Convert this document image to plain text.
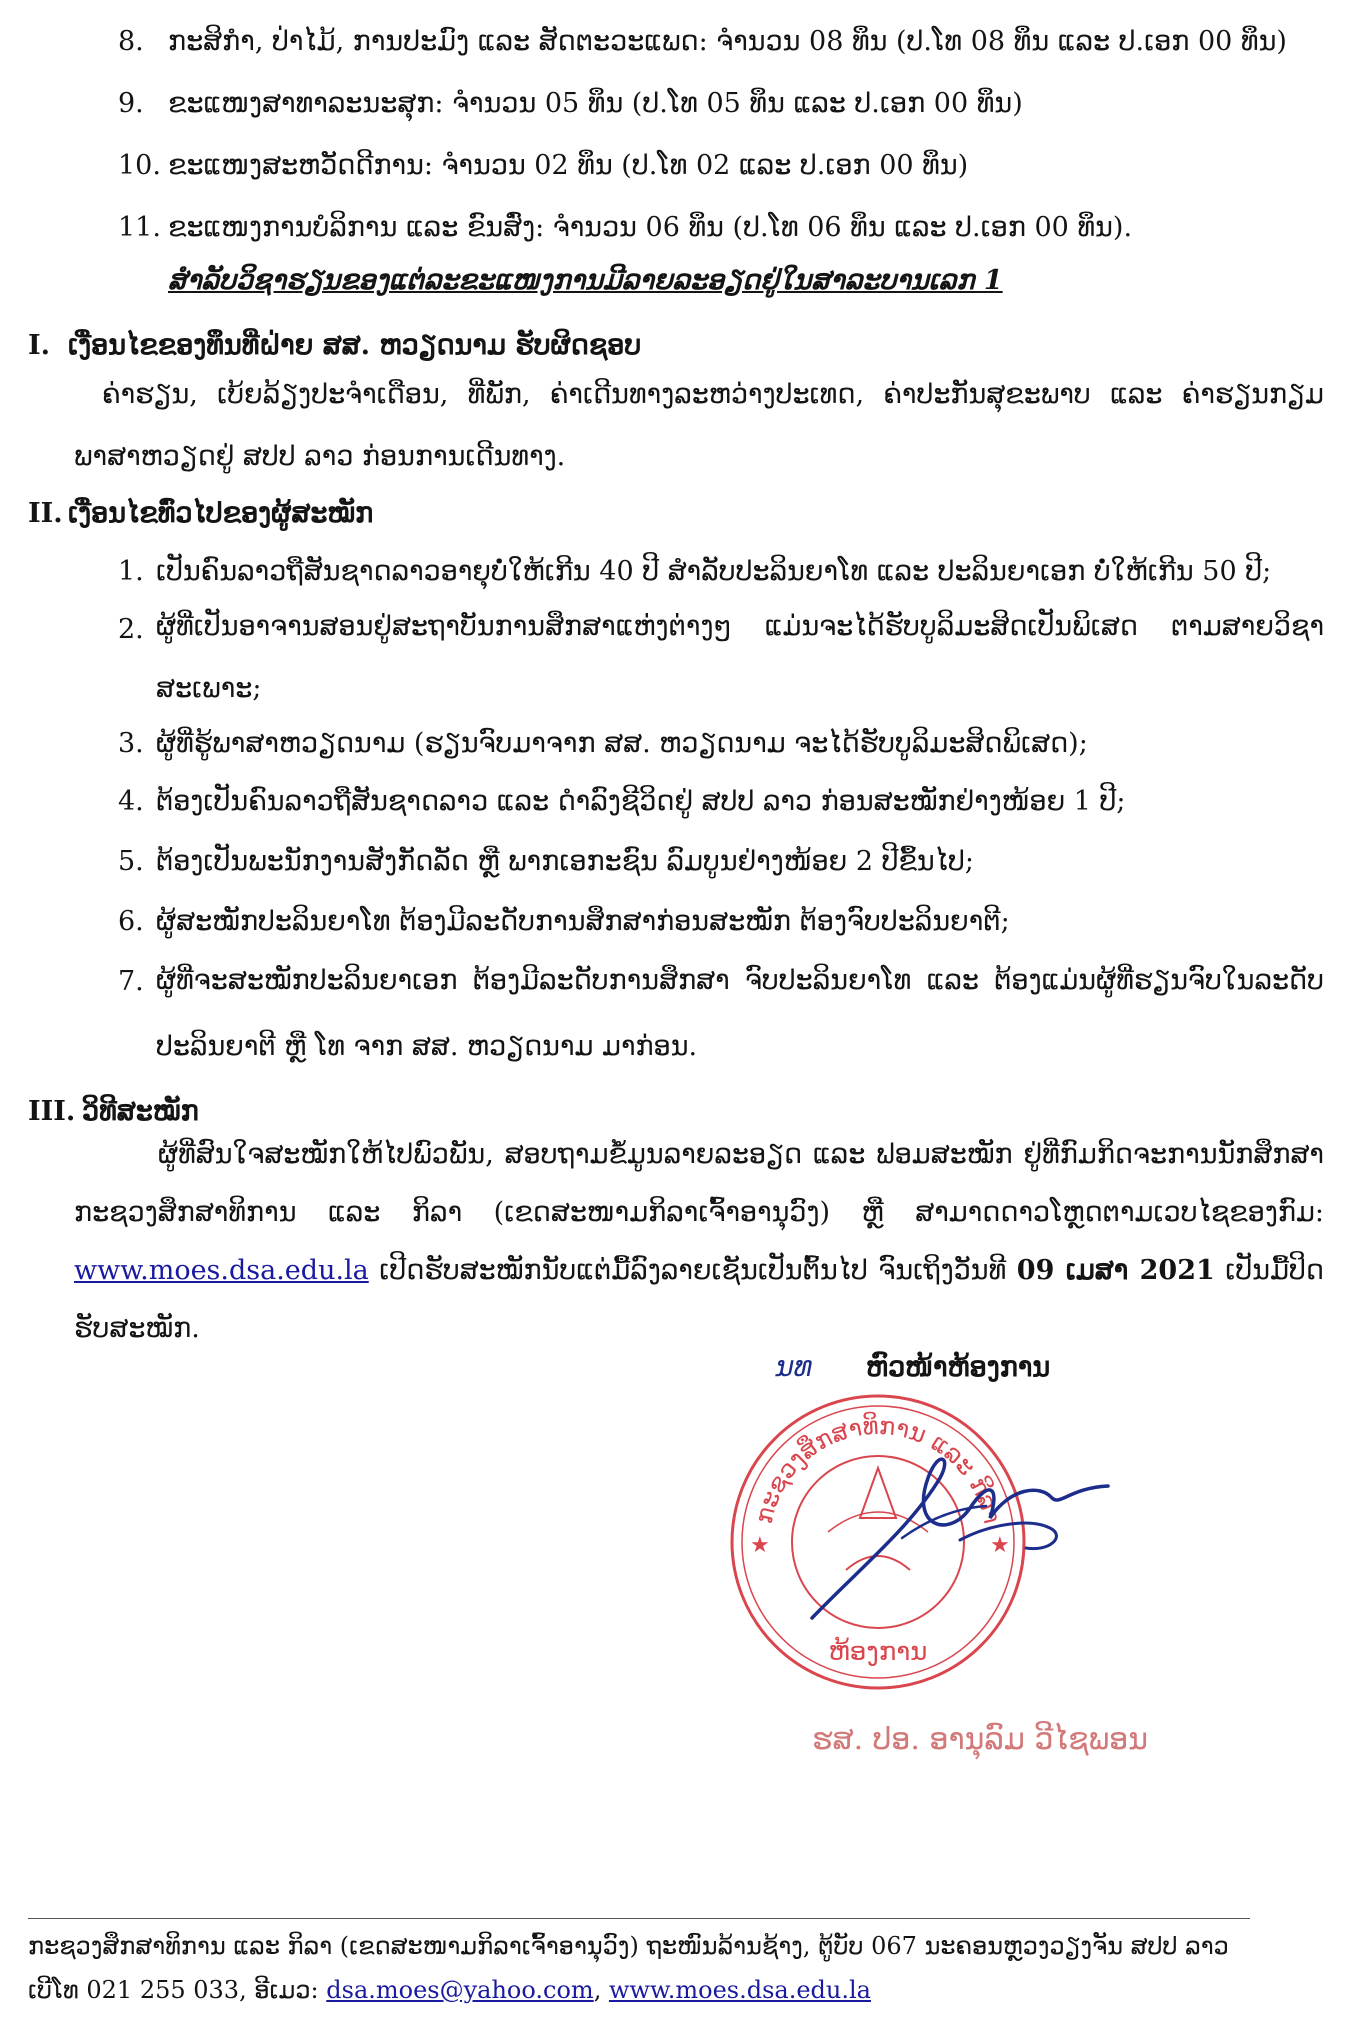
8. ກະສິກຳ, ປ່າໄມ້, ການປະມົງ ແລະ ສັດຕະວະແພດ: ຈຳນວນ 08 ທຶນ (ປ.ໂທ 08 ທຶນ ແລະ ປ.ເອກ 00 ທຶນ)
9. ຂະແໜງສາທາລະນະສຸກ: ຈຳນວນ 05 ທຶນ (ປ.ໂທ 05 ທຶນ ແລະ ປ.ເອກ 00 ທຶນ)
10. ຂະແໜງສະຫວັດດີການ: ຈຳນວນ 02 ທຶນ (ປ.ໂທ 02 ແລະ ປ.ເອກ 00 ທຶນ)
11. ຂະແໜງການບໍລິການ ແລະ ຂົນສົ່ງ: ຈຳນວນ 06 ທຶນ (ປ.ໂທ 06 ທຶນ ແລະ ປ.ເອກ 00 ທຶນ).
ສຳລັບວິຊາຮຽນຂອງແຕ່ລະຂະແໜງການມີລາຍລະອຽດຢູ່ໃນສາລະບານເລກ 1
I. ເງື່ອນໄຂຂອງທຶນທີ່ຝ່າຍ ສສ. ຫວຽດນາມ ຮັບຜິດຊອບ
ຄ່າຮຽນ, ເບ້ຍລ້ຽງປະຈຳເດືອນ, ທີ່ພັກ, ຄ່າເດີນທາງລະຫວ່າງປະເທດ, ຄ່າປະກັນສຸຂະພາບ ແລະ ຄ່າຮຽນກຽມພາສາຫວຽດຢູ່ ສປປ ລາວ ກ່ອນການເດີນທາງ.
II. ເງື່ອນໄຂທົ່ວໄປຂອງຜູ້ສະໝັກ
1. ເປັນຄົນລາວຖືສັນຊາດລາວອາຍຸບໍ່ໃຫ້ເກີນ 40 ປີ ສຳລັບປະລິນຍາໂທ ແລະ ປະລິນຍາເອກ ບໍ່ໃຫ້ເກີນ 50 ປີ;
2. ຜູ້ທີ່ເປັນອາຈານສອນຢູ່ສະຖາບັນການສຶກສາແຫ່ງຕ່າງໆ ແມ່ນຈະໄດ້ຮັບບູລິມະສິດເປັນພິເສດ ຕາມສາຍວິຊາສະເພາະ;
3. ຜູ້ທີ່ຮູ້ພາສາຫວຽດນາມ (ຮຽນຈົບມາຈາກ ສສ. ຫວຽດນາມ ຈະໄດ້ຮັບບູລິມະສິດພິເສດ);
4. ຕ້ອງເປັນຄົນລາວຖືສັນຊາດລາວ ແລະ ດຳລົງຊີວິດຢູ່ ສປປ ລາວ ກ່ອນສະໝັກຢ່າງໜ້ອຍ 1 ປີ;
5. ຕ້ອງເປັນພະນັກງານສັງກັດລັດ ຫຼື ພາກເອກະຊົນ ລົມບູນຢ່າງໜ້ອຍ 2 ປີຂຶ້ນໄປ;
6. ຜູ້ສະໝັກປະລິນຍາໂທ ຕ້ອງມີລະດັບການສຶກສາກ່ອນສະໝັກ ຕ້ອງຈົບປະລິນຍາຕີ;
7. ຜູ້ທີ່ຈະສະໝັກປະລິນຍາເອກ ຕ້ອງມີລະດັບການສຶກສາ ຈົບປະລິນຍາໂທ ແລະ ຕ້ອງແມ່ນຜູ້ທີ່ຮຽນຈົບໃນລະດັບປະລິນຍາຕີ ຫຼື ໂທ ຈາກ ສສ. ຫວຽດນາມ ມາກ່ອນ.
III. ວິທີສະໝັກ
ຜູ້ທີ່ສົນໃຈສະໝັກໃຫ້ໄປພົວພັນ, ສອບຖາມຂໍ້ມູນລາຍລະອຽດ ແລະ ຟອມສະໝັກ ຢູ່ທີ່ກົມກິດຈະການນັກສຶກສາ ກະຊວງສຶກສາທິການ ແລະ ກິລາ (ເຂດສະໜາມກິລາເຈົ້າອານຸວົງ) ຫຼື ສາມາດດາວໂຫຼດຕາມເວບໄຊຂອງກົມ: www.moes.dsa.edu.la ເປີດຮັບສະໝັກນັບແຕ່ມື້ລົງລາຍເຊັນເປັນຕົ້ນໄປ ຈົນເຖິງວັນທີ 09 ເມສາ 2021 ເປັນມື້ປິດຮັບສະໝັກ.
ນທ ຫົວໜ້າຫ້ອງການ
ກະຊວງສຶກສາທິການ ແລະ ກິລາ
★	★
ຫ້ອງການ
ຮສ. ປອ. ອານຸລົມ ວີໄຊພອນ
ກະຊວງສຶກສາທິການ ແລະ ກິລາ (ເຂດສະໜາມກິລາເຈົ້າອານຸວົງ) ຖະໜົນລ້ານຊ້າງ, ຕູ້ບັບ 067 ນະຄອນຫຼວງວຽງຈັນ ສປປ ລາວ
ເບີໂທ 021 255 033, ອີເມວ: dsa.moes@yahoo.com, www.moes.dsa.edu.la
